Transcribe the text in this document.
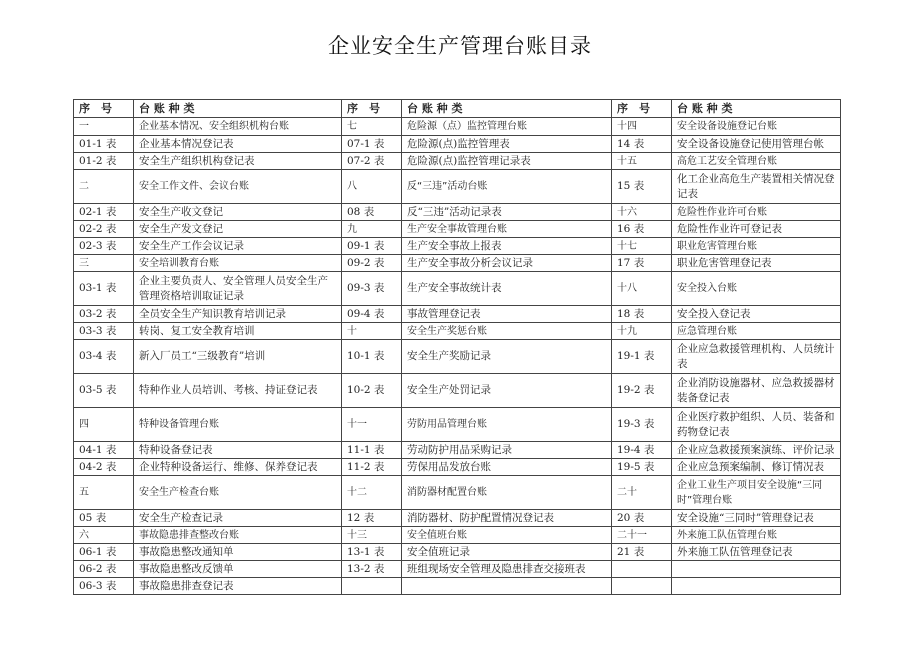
企业安全生产管理台账目录
序　号	台 账 种 类	序　号	台 账 种 类	序　号	台 账 种 类
一	企业基本情况、安全组织机构台账	七	危险源（点）监控管理台账	十四	安全设备设施登记台账
01-1 表	企业基本情况登记表	07-1 表	危险源(点)监控管理表	14 表	安全设备设施登记使用管理台帐
01-2 表	安全生产组织机构登记表	07-2 表	危险源(点)监控管理记录表	十五	高危工艺安全管理台账
二	安全工作文件、会议台账	八	反“三违”活动台账	15 表	化工企业高危生产装置相关情况登记表
02-1 表	安全生产收文登记	08 表	反“三违”活动记录表	十六	危险性作业许可台账
02-2 表	安全生产发文登记	九	生产安全事故管理台账	16 表	危险性作业许可登记表
02-3 表	安全生产工作会议记录	09-1 表	生产安全事故上报表	十七	职业危害管理台账
三	安全培训教育台账	09-2 表	生产安全事故分析会议记录	17 表	职业危害管理登记表
03-1 表	企业主要负责人、安全管理人员安全生产管理资格培训取证记录	09-3 表	生产安全事故统计表	十八	安全投入台账
03-2 表	全员安全生产知识教育培训记录	09-4 表	事故管理登记表	18 表	安全投入登记表
03-3 表	转岗、复工安全教育培训	十	安全生产奖惩台账	十九	应急管理台账
03-4 表	新入厂员工“三级教育”培训	10-1 表	安全生产奖励记录	19-1 表	企业应急救援管理机构、人员统计表
03-5 表	特种作业人员培训、考核、持证登记表	10-2 表	安全生产处罚记录	19-2 表	企业消防设施器材、应急救援器材装备登记表
四	特种设备管理台账	十一	劳防用品管理台账	19-3 表	企业医疗救护组织、人员、装备和药物登记表
04-1 表	特种设备登记表	11-1 表	劳动防护用品采购记录	19-4 表	企业应急救援预案演练、评价记录
04-2 表	企业特种设备运行、维修、保养登记表	11-2 表	劳保用品发放台账	19-5 表	企业应急预案编制、修订情况表
五	安全生产检查台账	十二	消防器材配置台账	二十	企业工业生产项目安全设施“三同时”管理台账
05 表	安全生产检查记录	12 表	消防器材、防护配置情况登记表	20 表	安全设施“三同时”管理登记表
六	事故隐患排查整改台账	十三	安全值班台账	二十一	外来施工队伍管理台账
06-1 表	事故隐患整改通知单	13-1 表	安全值班记录	21 表	外来施工队伍管理登记表
06-2 表	事故隐患整改反馈单	13-2 表	班组现场安全管理及隐患排查交接班表		
06-3 表	事故隐患排查登记表				
